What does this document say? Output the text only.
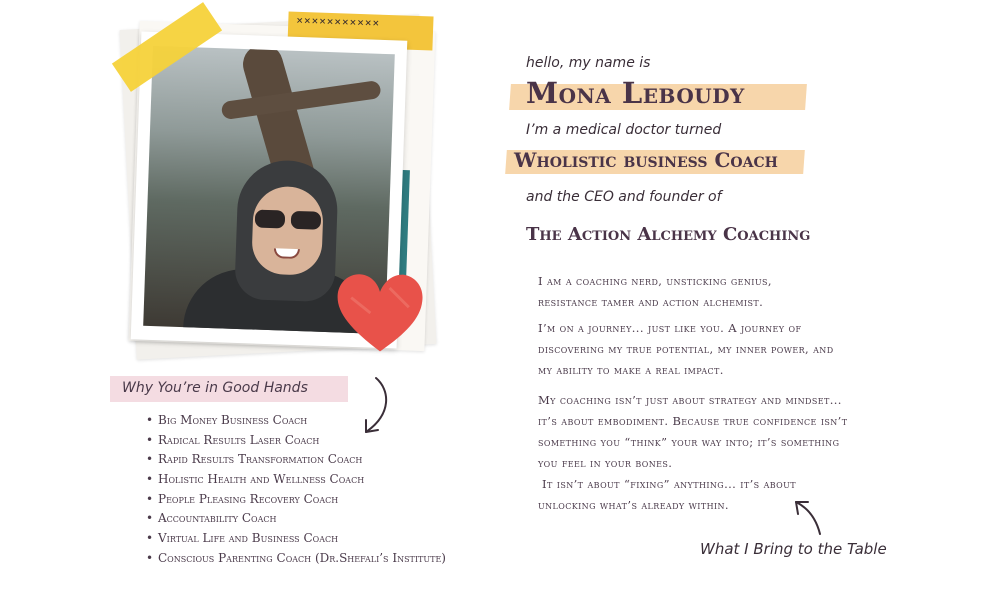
×××××××××××
Why You’re in Good Hands
• Big Money Business Coach
• Radical Results Laser Coach
• Rapid Results Transformation Coach
• Holistic Health and Wellness Coach
• People Pleasing Recovery Coach
• Accountability Coach
• Virtual Life and Business Coach
• Conscious Parenting Coach (Dr.Shefali’s Institute)
hello, my name is
Mona Leboudy
I’m a medical doctor turned
Wholistic business Coach
and the CEO and founder of
The Action Alchemy Coaching

I am a coaching nerd, unsticking genius,

resistance tamer and action alchemist.

I’m on a journey... just like you. A journey of

discovering my true potential, my inner power, and

my ability to make a real impact.

My coaching isn’t just about strategy and mindset...

it’s about embodiment. Because true confidence isn’t

something you “think” your way into; it’s something

you feel in your bones.

It isn’t about “fixing” anything... it’s about

unlocking what’s already within.

What I Bring to the Table
